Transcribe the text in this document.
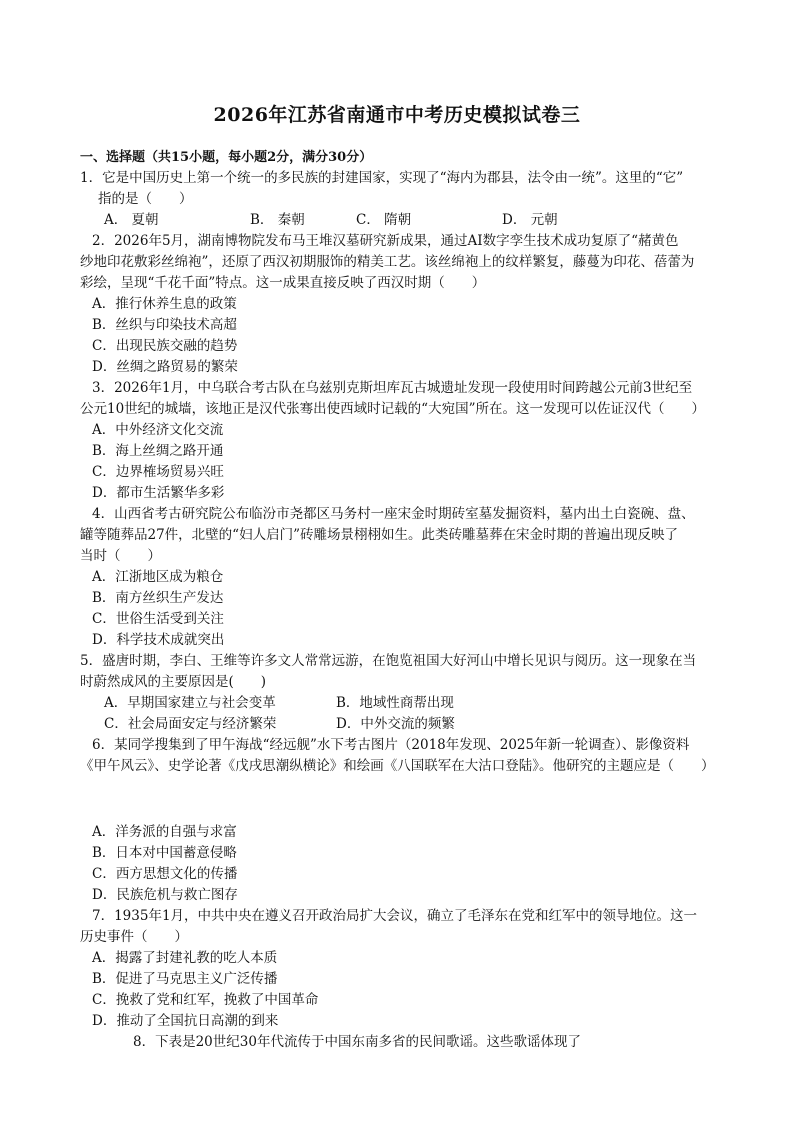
2026年江苏省南通市中考历史模拟试卷三
一、选择题（共15小题，每小题2分，满分30分）
1．它是中国历史上第一个统一的多民族的封建国家，实现了“海内为郡县，法令由一统”。这里的“它”
指的是（　　）
A． 夏朝	B． 秦朝	C． 隋朝	D． 元朝
2．2026年5月，湖南博物院发布马王堆汉墓研究新成果，通过AI数字孪生技术成功复原了“赭黄色
纱地印花敷彩丝绵袍”，还原了西汉初期服饰的精美工艺。该丝绵袍上的纹样繁复，藤蔓为印花、蓓蕾为
彩绘，呈现“千花千面”特点。这一成果直接反映了西汉时期（　　）
A．推行休养生息的政策
B．丝织与印染技术高超
C．出现民族交融的趋势
D．丝绸之路贸易的繁荣
3．2026年1月，中乌联合考古队在乌兹别克斯坦库瓦古城遗址发现一段使用时间跨越公元前3世纪至
公元10世纪的城墙，该地正是汉代张骞出使西域时记载的“大宛国”所在。这一发现可以佐证汉代（　　）
A．中外经济文化交流
B．海上丝绸之路开通
C．边界榷场贸易兴旺
D．都市生活繁华多彩
4．山西省考古研究院公布临汾市尧都区马务村一座宋金时期砖室墓发掘资料，墓内出土白瓷碗、盘、
罐等随葬品27件，北壁的“妇人启门”砖雕场景栩栩如生。此类砖雕墓葬在宋金时期的普遍出现反映了
当时（　　）
A．江浙地区成为粮仓
B．南方丝织生产发达
C．世俗生活受到关注
D．科学技术成就突出
5．盛唐时期，李白、王维等许多文人常常远游，在饱览祖国大好河山中增长见识与阅历。这一现象在当
时蔚然成风的主要原因是(　　)
A．早期国家建立与社会变革	B．地域性商帮出现
C．社会局面安定与经济繁荣	D．中外交流的频繁
6．某同学搜集到了甲午海战“经远舰”水下考古图片（2018年发现、2025年新一轮调查）、影像资料
《甲午风云》、史学论著《戊戌思潮纵横论》和绘画《八国联军在大沽口登陆》。他研究的主题应是（　　）
A．洋务派的自强与求富
B．日本对中国蓄意侵略
C．西方思想文化的传播
D．民族危机与救亡图存
7．1935年1月，中共中央在遵义召开政治局扩大会议，确立了毛泽东在党和红军中的领导地位。这一
历史事件（　　）
A．揭露了封建礼教的吃人本质
B．促进了马克思主义广泛传播
C．挽救了党和红军，挽救了中国革命
D．推动了全国抗日高潮的到来
8．下表是20世纪30年代流传于中国东南多省的民间歌谣。这些歌谣体现了
